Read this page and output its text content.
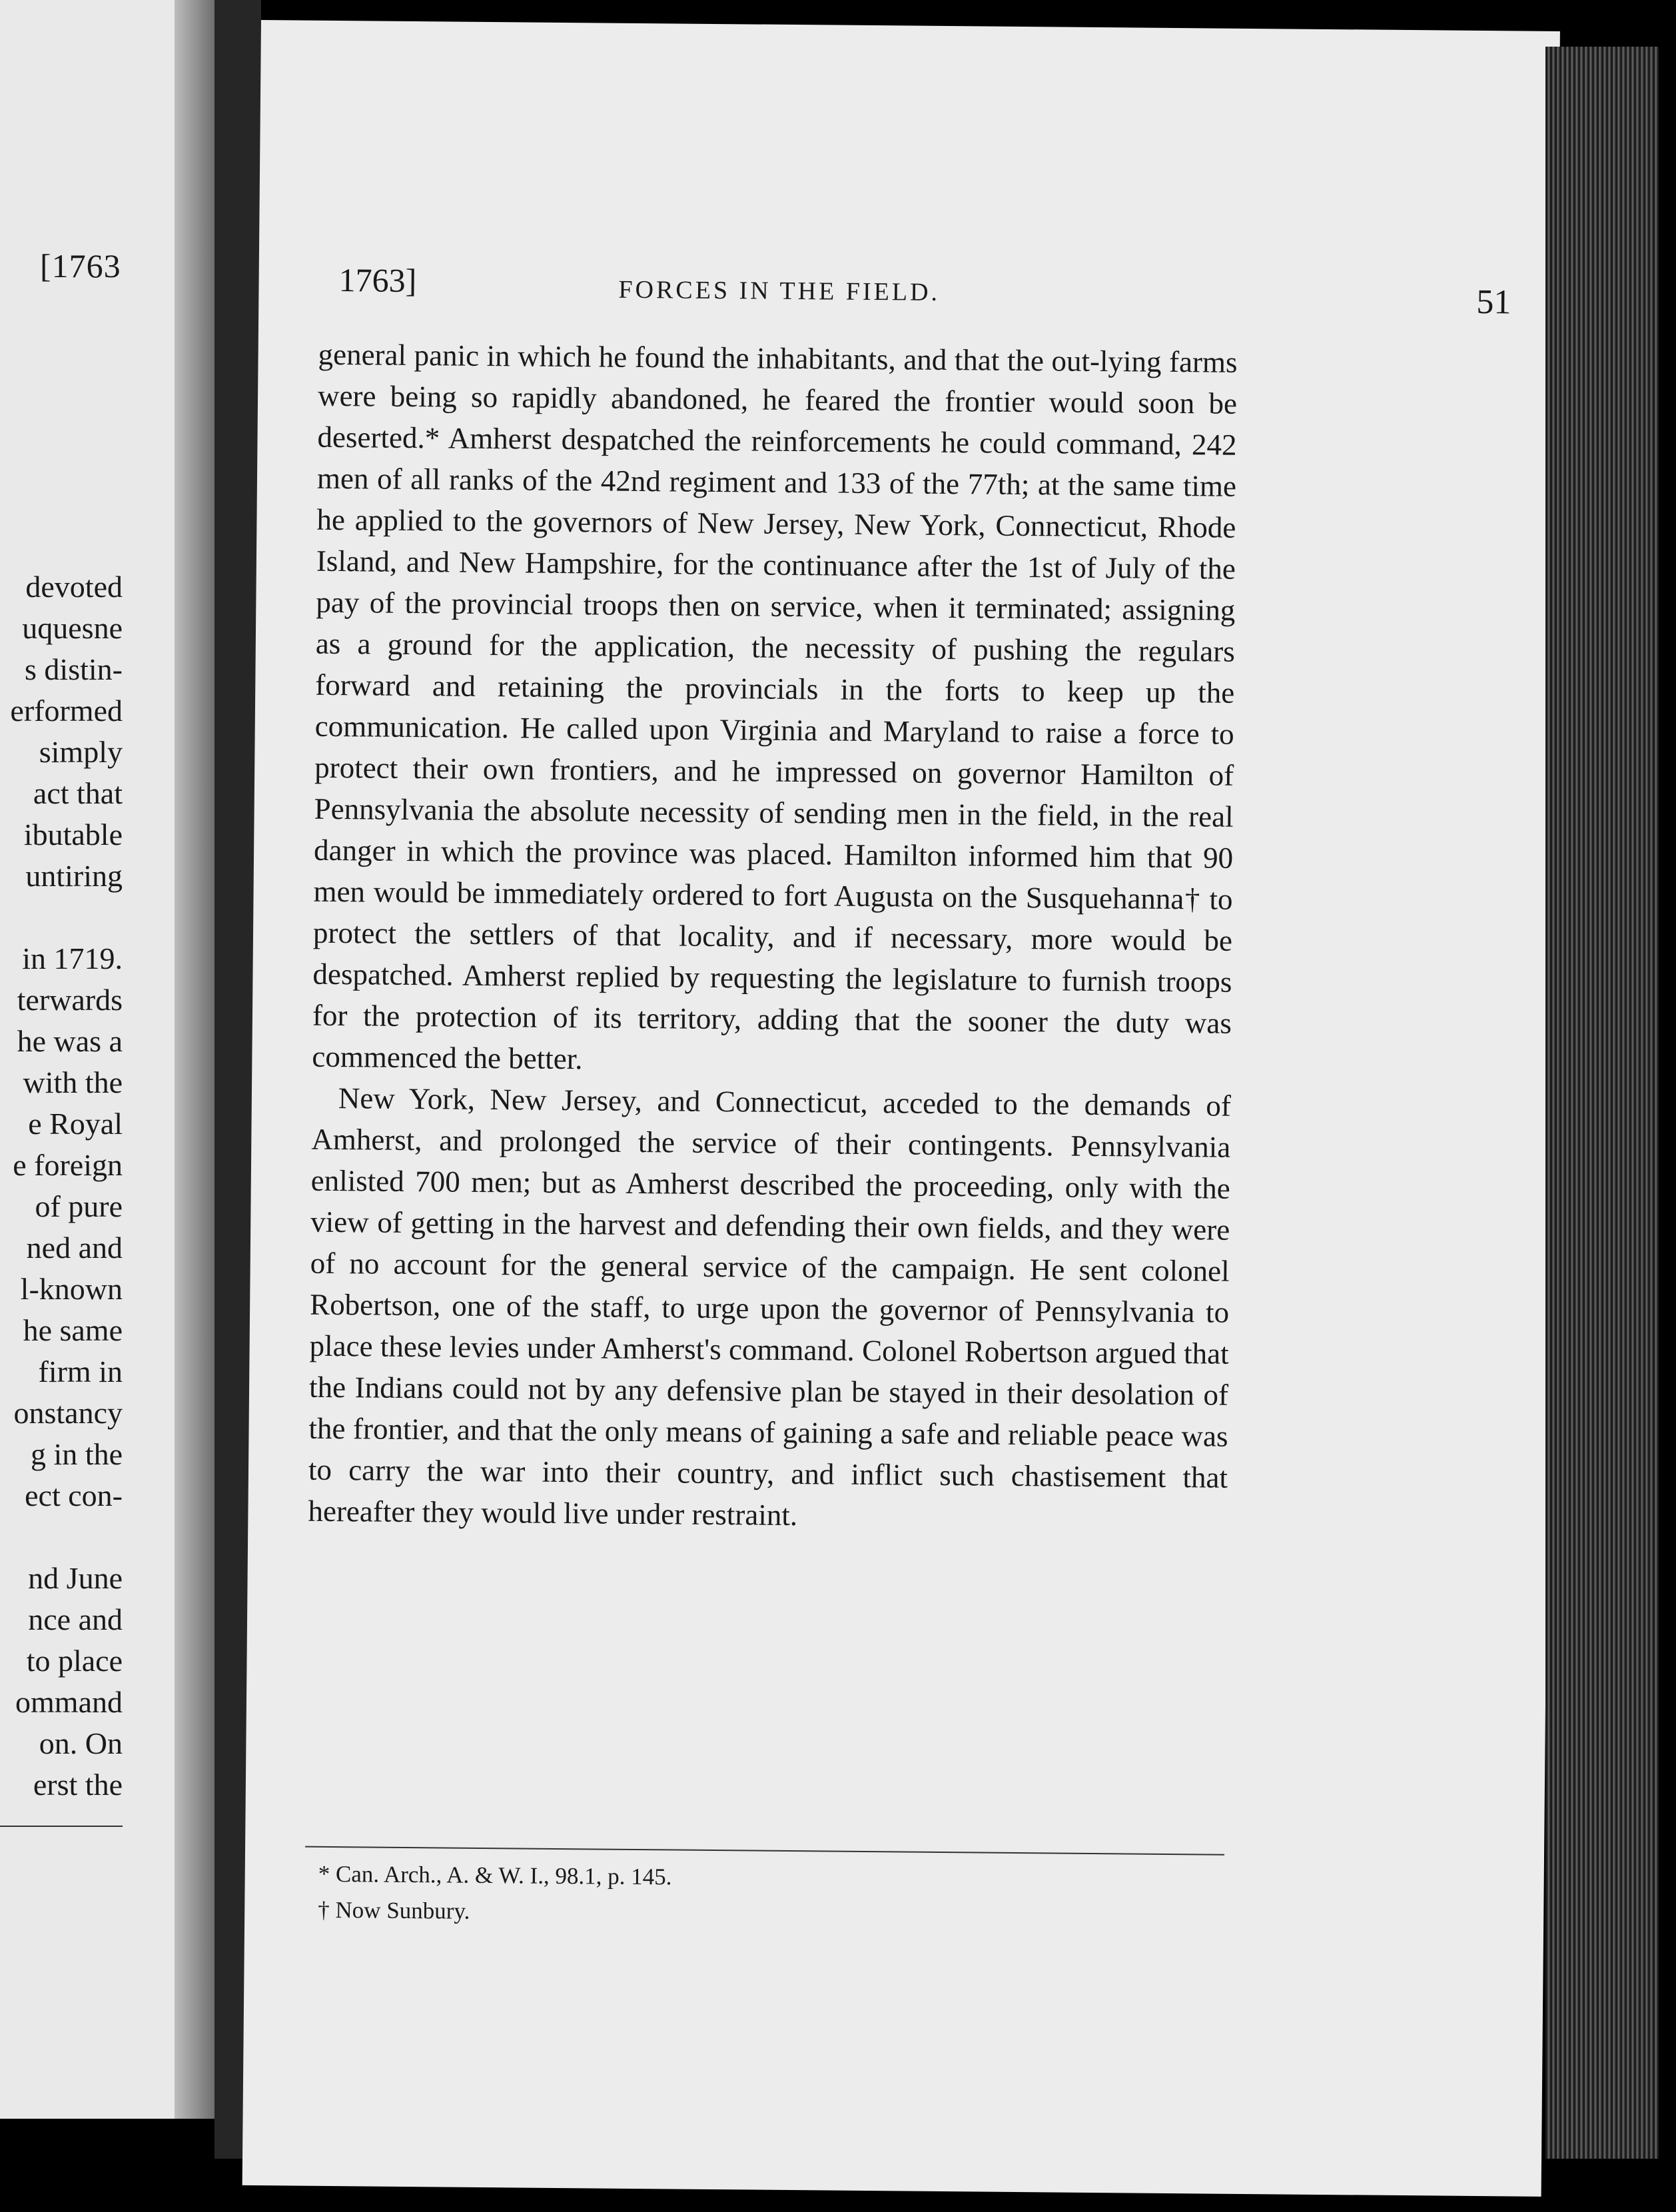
[1763
devoted
uquesne
s distin-
erformed
simply
act that
ibutable
untiring
in 1719.
terwards
he was a
with the
e Royal
e foreign
of pure
ned and
l-known
he same
firm in
onstancy
g in the
ect con-
nd June
nce and
to place
ommand
on. On
erst the
1763]	FORCES IN THE FIELD.	51

general panic in which he found the inhabitants, and that the out-lying farms were being so rapidly abandoned, he feared the frontier would soon be deserted.* Amherst despatched the reinforcements he could command, 242 men of all ranks of the 42nd regiment and 133 of the 77th; at the same time he applied to the governors of New Jersey, New York, Connecticut, Rhode Island, and New Hampshire, for the continuance after the 1st of July of the pay of the provincial troops then on service, when it terminated; assigning as a ground for the application, the necessity of pushing the regulars forward and retaining the provincials in the forts to keep up the communication. He called upon Virginia and Maryland to raise a force to protect their own frontiers, and he impressed on governor Hamilton of Pennsylvania the absolute necessity of sending men in the field, in the real danger in which the province was placed. Hamilton informed him that 90 men would be immediately ordered to fort Augusta on the Susquehanna† to protect the settlers of that locality, and if necessary, more would be despatched. Amherst replied by requesting the legislature to furnish troops for the protection of its territory, adding that the sooner the duty was commenced the better.

New York, New Jersey, and Connecticut, acceded to the demands of Amherst, and prolonged the service of their contingents. Pennsylvania enlisted 700 men; but as Amherst described the proceeding, only with the view of getting in the harvest and defending their own fields, and they were of no account for the general service of the campaign. He sent colonel Robertson, one of the staff, to urge upon the governor of Pennsylvania to place these levies under Amherst's command. Colonel Robertson argued that the Indians could not by any defensive plan be stayed in their desolation of the frontier, and that the only means of gaining a safe and reliable peace was to carry the war into their country, and inflict such chastisement that hereafter they would live under restraint.

* Can. Arch., A. & W. I., 98.1, p. 145.
† Now Sunbury.
